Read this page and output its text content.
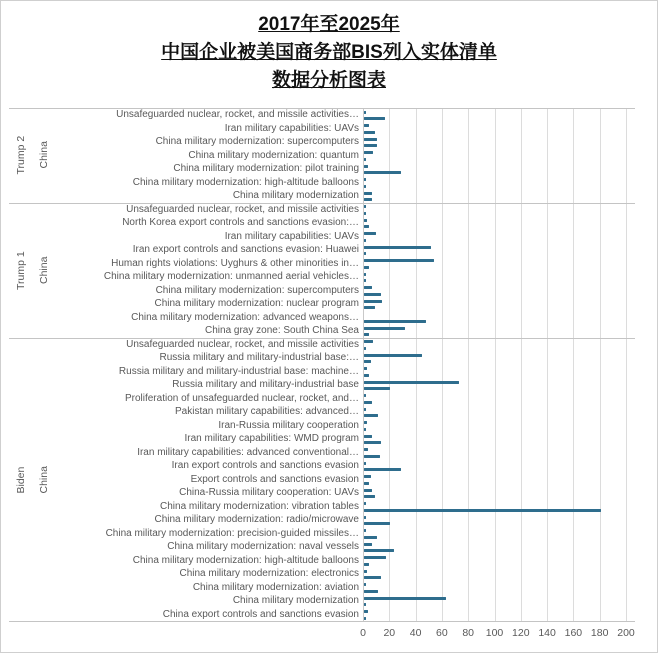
2017年至2025年
中国企业被美国商务部BIS列入实体清单
数据分析图表
0 20 40 60 80 100 120 140 160 180 200
Trump 2 China
Unsafeguarded nuclear, rocket, and missile activities…
Iran military capabilities: UAVs
China military modernization: supercomputers
China military modernization: quantum
China military modernization: pilot training
China military modernization: high-altitude balloons
China military modernization
Trump 1 China
Unsafeguarded nuclear, rocket, and missile activities
North Korea export controls and sanctions evasion:…
Iran military capabilities: UAVs
Iran export controls and sanctions evasion: Huawei
Human rights violations: Uyghurs & other minorities in…
China military modernization: unmanned aerial vehicles…
China military modernization: supercomputers
China military modernization: nuclear program
China military modernization: advanced weapons…
China gray zone: South China Sea
Biden China
Unsafeguarded nuclear, rocket, and missile activities
Russia military and military-industrial base:…
Russia military and military-industrial base: machine…
Russia military and military-industrial base
Proliferation of unsafeguarded nuclear, rocket, and…
Pakistan military capabilities: advanced…
Iran-Russia military cooperation
Iran military capabilities: WMD program
Iran military capabilities: advanced conventional…
Iran export controls and sanctions evasion
Export controls and sanctions evasion
China-Russia military cooperation: UAVs
China military modernization: vibration tables
China military modernization: radio/microwave
China military modernization: precision-guided missiles…
China military modernization: naval vessels
China military modernization: high-altitude balloons
China military modernization: electronics
China military modernization: aviation
China military modernization
China export controls and sanctions evasion
